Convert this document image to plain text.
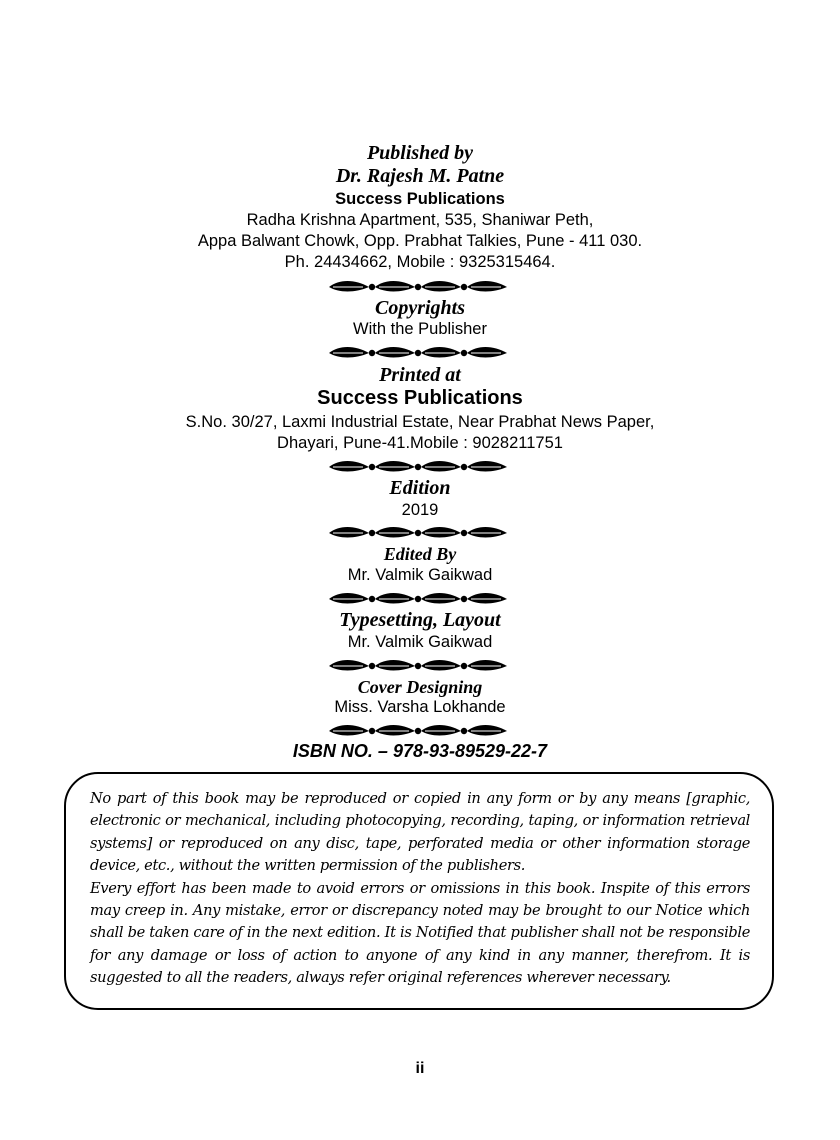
Published by
Dr. Rajesh M. Patne
Success Publications
Radha Krishna Apartment, 535, Shaniwar Peth,
Appa Balwant Chowk, Opp. Prabhat Talkies, Pune - 411 030.
Ph. 24434662, Mobile : 9325315464.
Copyrights
With the Publisher
Printed at
Success Publications
S.No. 30/27, Laxmi Industrial Estate, Near Prabhat News Paper,
Dhayari, Pune-41.Mobile : 9028211751
Edition
2019
Edited By
Mr. Valmik Gaikwad
Typesetting, Layout
Mr. Valmik Gaikwad
Cover Designing
Miss. Varsha Lokhande
ISBN NO. – 978-93-89529-22-7

No part of this book may be reproduced or copied in any form or by any means [graphic, electronic or mechanical, including photocopying, recording, taping, or information retrieval systems] or reproduced on any disc, tape, perforated media or other information storage device, etc., without the written permission of the publishers.

Every effort has been made to avoid errors or omissions in this book. Inspite of this errors may creep in. Any mistake, error or discrepancy noted may be brought to our Notice which shall be taken care of in the next edition. It is Notified that publisher shall not be responsible for any damage or loss of action to anyone of any kind in any manner, therefrom. It is suggested to all the readers, always refer original references wherever necessary.

ii
